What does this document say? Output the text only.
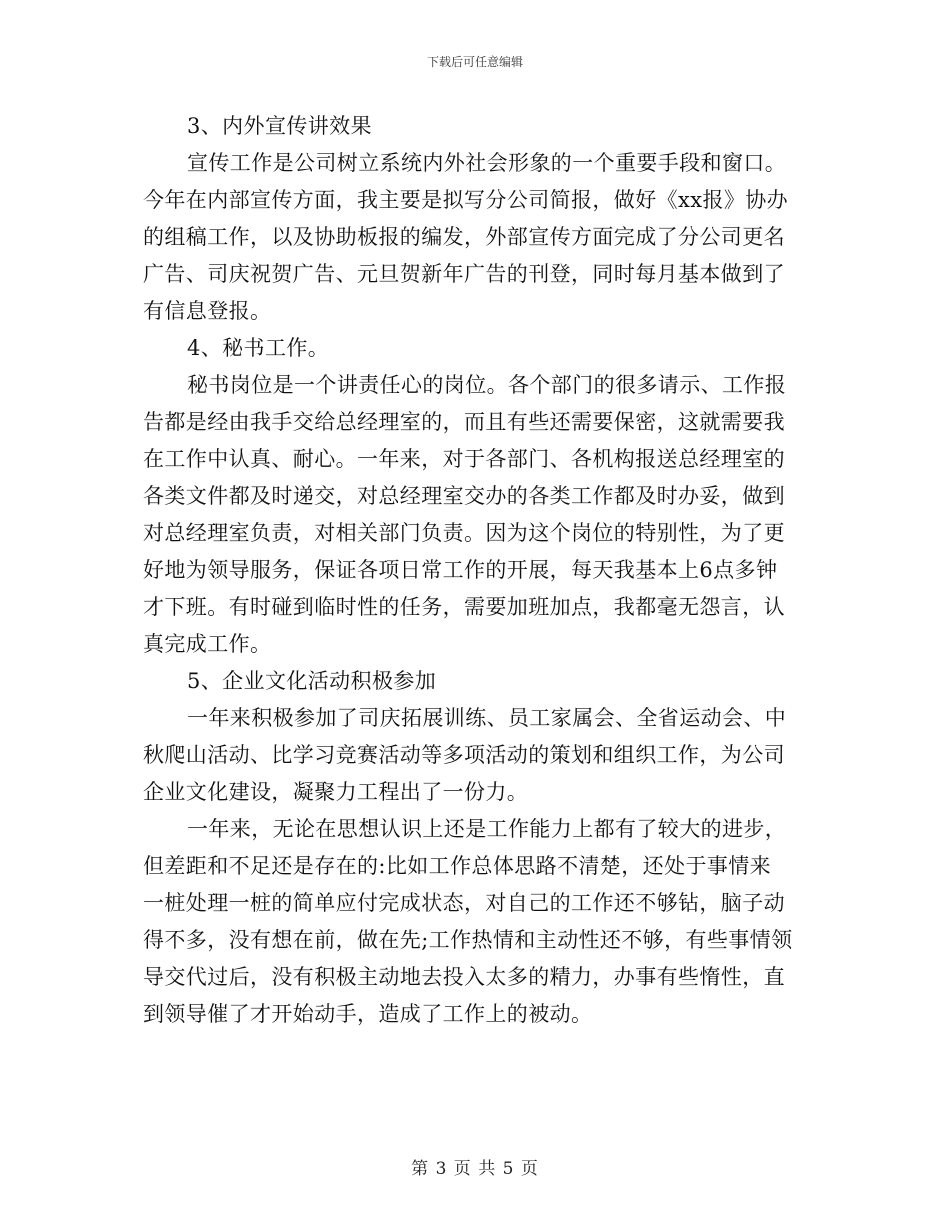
下载后可任意编辑
3、内外宣传讲效果
宣传工作是公司树立系统内外社会形象的一个重要手段和窗口。
今年在内部宣传方面，我主要是拟写分公司简报，做好《xx报》协办
的组稿工作，以及协助板报的编发，外部宣传方面完成了分公司更名
广告、司庆祝贺广告、元旦贺新年广告的刊登，同时每月基本做到了
有信息登报。
4、秘书工作。
秘书岗位是一个讲责任心的岗位。各个部门的很多请示、工作报
告都是经由我手交给总经理室的，而且有些还需要保密，这就需要我
在工作中认真、耐心。一年来，对于各部门、各机构报送总经理室的
各类文件都及时递交，对总经理室交办的各类工作都及时办妥，做到
对总经理室负责，对相关部门负责。因为这个岗位的特别性，为了更
好地为领导服务，保证各项日常工作的开展，每天我基本上6点多钟
才下班。有时碰到临时性的任务，需要加班加点，我都毫无怨言，认
真完成工作。
5、企业文化活动积极参加
一年来积极参加了司庆拓展训练、员工家属会、全省运动会、中
秋爬山活动、比学习竞赛活动等多项活动的策划和组织工作，为公司
企业文化建设，凝聚力工程出了一份力。
一年来，无论在思想认识上还是工作能力上都有了较大的进步，
但差距和不足还是存在的:比如工作总体思路不清楚，还处于事情来
一桩处理一桩的简单应付完成状态，对自己的工作还不够钻，脑子动
得不多，没有想在前，做在先;工作热情和主动性还不够，有些事情领
导交代过后，没有积极主动地去投入太多的精力，办事有些惰性，直
到领导催了才开始动手，造成了工作上的被动。
第 3 页 共 5 页
